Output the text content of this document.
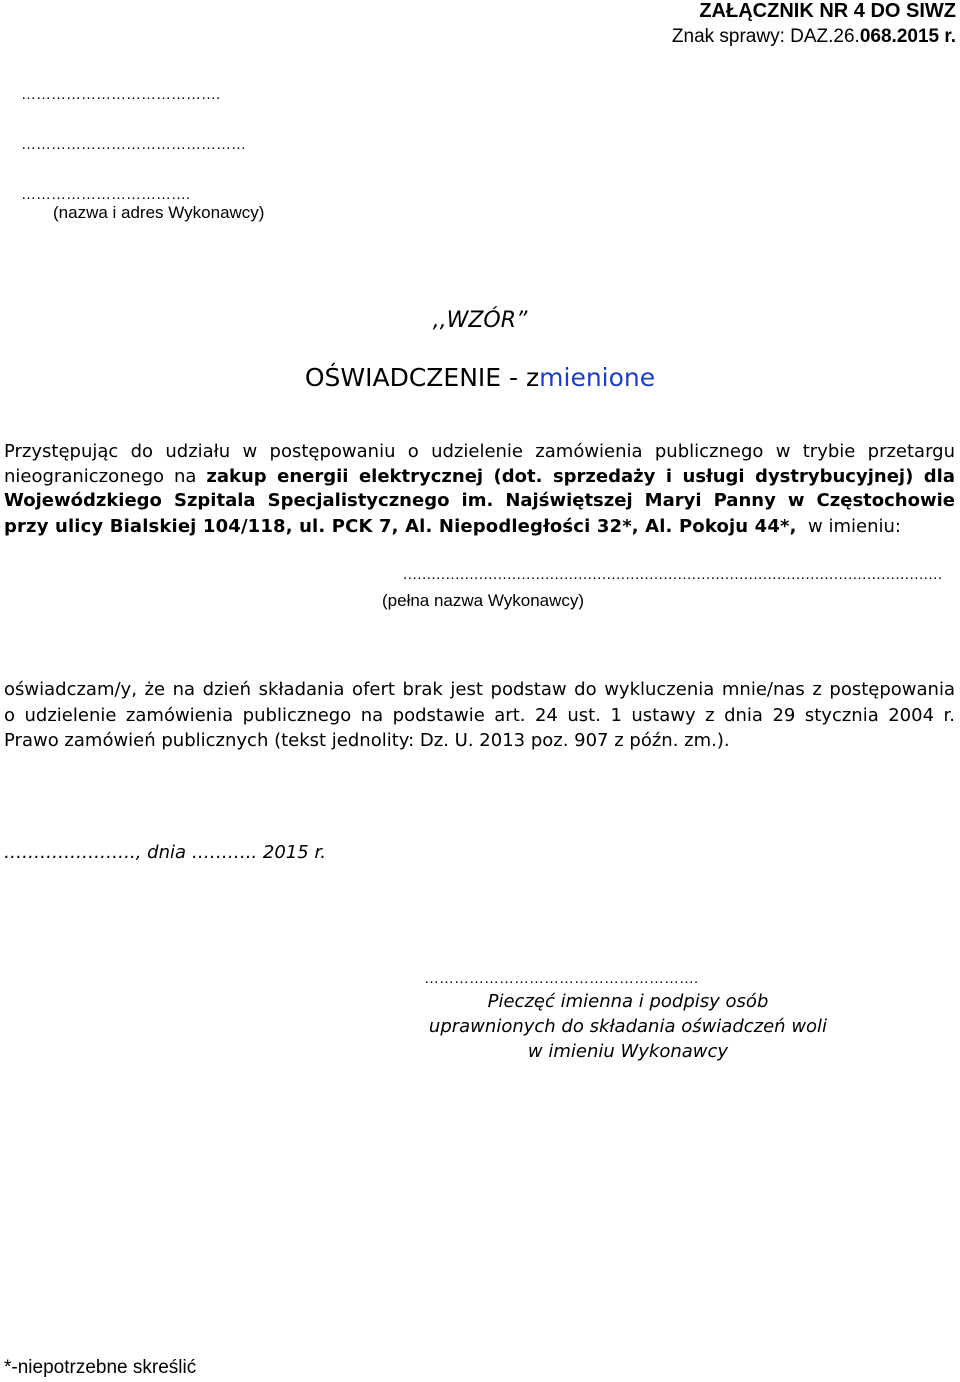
ZAŁĄCZNIK NR 4 DO SIWZ
Znak sprawy: DAZ.26.068.2015 r.
………………………………….
………………………………………
…………………………….
(nazwa i adres Wykonawcy)
,,WZÓR”
OŚWIADCZENIE - zmienione
Przystępując do udziału w postępowaniu o udzielenie zamówienia publicznego w trybie przetargu
nieograniczonego na zakup energii elektrycznej (dot. sprzedaży i usługi dystrybucyjnej) dla
Wojewódzkiego Szpitala Specjalistycznego im. Najświętszej Maryi Panny w Częstochowie
przy ulicy Bialskiej 104/118, ul. PCK 7, Al. Niepodległości 32*, Al. Pokoju 44*, w imieniu:
……………………………………………………………………………………………………
(pełna nazwa Wykonawcy)
oświadczam/y, że na dzień składania ofert brak jest podstaw do wykluczenia mnie/nas z postępowania
o udzielenie zamówienia publicznego na podstawie art. 24 ust. 1 ustawy z dnia 29 stycznia 2004 r.
Prawo zamówień publicznych (tekst jednolity: Dz. U. 2013 poz. 907 z późn. zm.).
…………………., dnia ……….. 2015 r.
……………………………………………….
Pieczęć imienna i podpisy osób
uprawnionych do składania oświadczeń woli
w imieniu Wykonawcy
*-niepotrzebne skreślić
